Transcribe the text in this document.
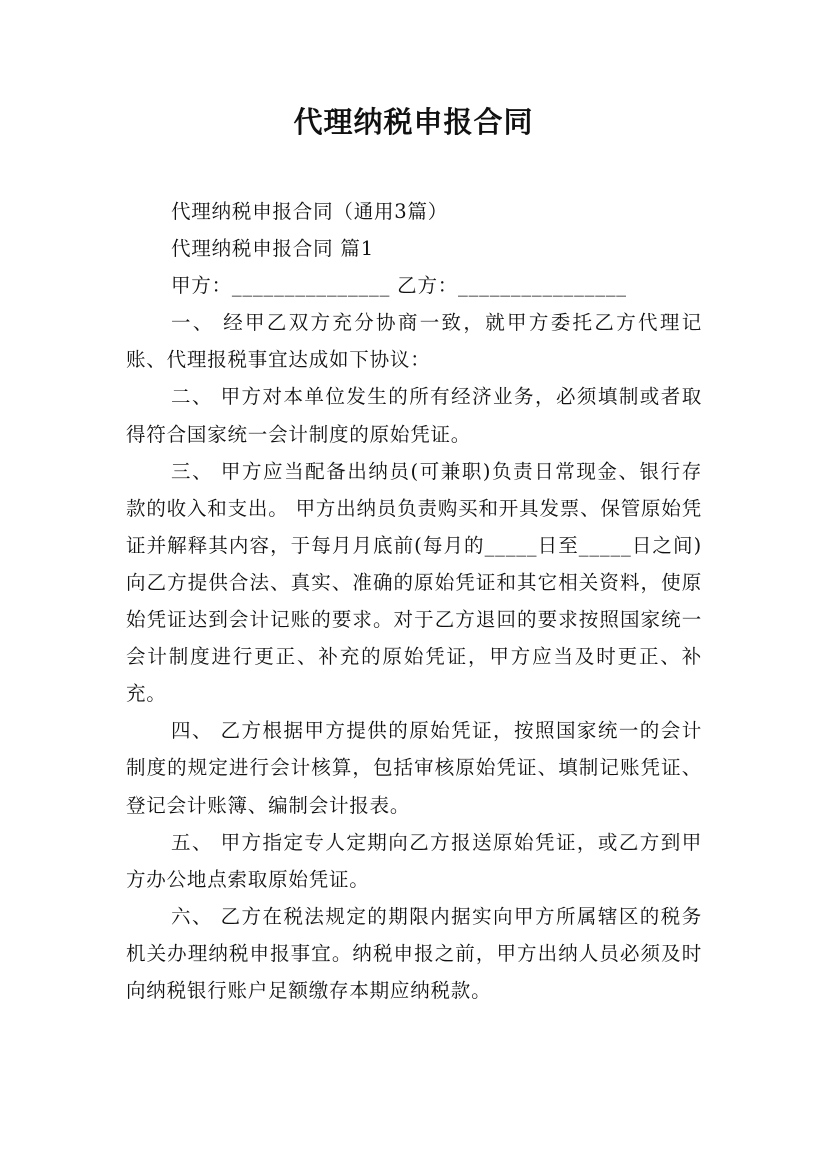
代理纳税申报合同

代理纳税申报合同（通用3篇）

代理纳税申报合同 篇1

甲方：_______________ 乙方：________________

一、 经甲乙双方充分协商一致，就甲方委托乙方代理记账、代理报税事宜达成如下协议：

二、 甲方对本单位发生的所有经济业务，必须填制或者取得符合国家统一会计制度的原始凭证。

三、 甲方应当配备出纳员(可兼职)负责日常现金、银行存款的收入和支出。 甲方出纳员负责购买和开具发票、保管原始凭证并解释其内容，于每月月底前(每月的_____日至_____日之间)向乙方提供合法、真实、准确的原始凭证和其它相关资料，使原始凭证达到会计记账的要求。对于乙方退回的要求按照国家统一会计制度进行更正、补充的原始凭证，甲方应当及时更正、补充。

四、 乙方根据甲方提供的原始凭证，按照国家统一的会计制度的规定进行会计核算，包括审核原始凭证、填制记账凭证、登记会计账簿、编制会计报表。

五、 甲方指定专人定期向乙方报送原始凭证，或乙方到甲方办公地点索取原始凭证。

六、 乙方在税法规定的期限内据实向甲方所属辖区的税务机关办理纳税申报事宜。纳税申报之前，甲方出纳人员必须及时向纳税银行账户足额缴存本期应纳税款。
